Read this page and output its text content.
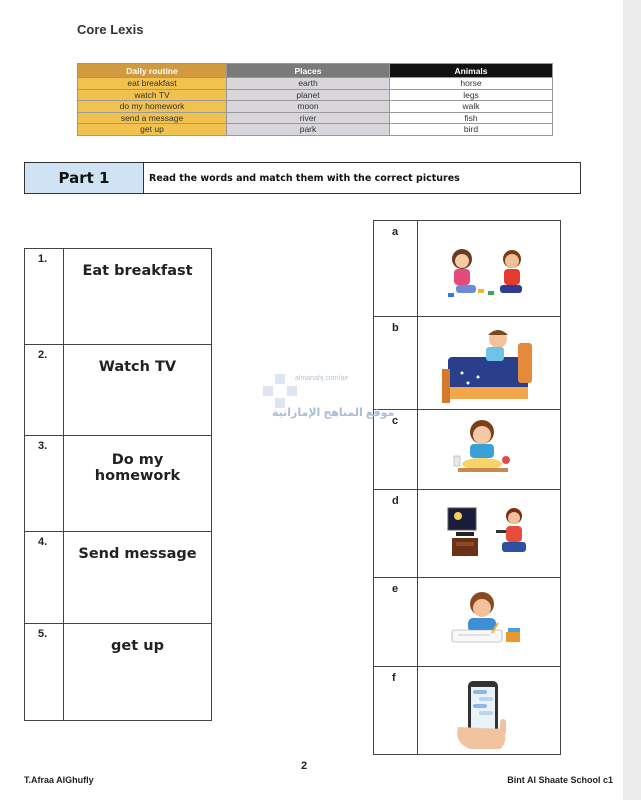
Core Lexis
Daily routine	Places	Animals
eat breakfast	earth	horse
watch TV	planet	legs
do my homework	moon	walk
send a message	river	fish
get up	park	bird
Part 1	Read the words and match them with the correct pictures
1.
Eat breakfast
2.
Watch TV
3.
Do my homework
4.
Send message
5.
get up
a
b
c
d
e
f
almanahj.com/ae
موقع المناهج الإماراتية
2
T.Afraa AlGhufly	Bint Al Shaate School c1
